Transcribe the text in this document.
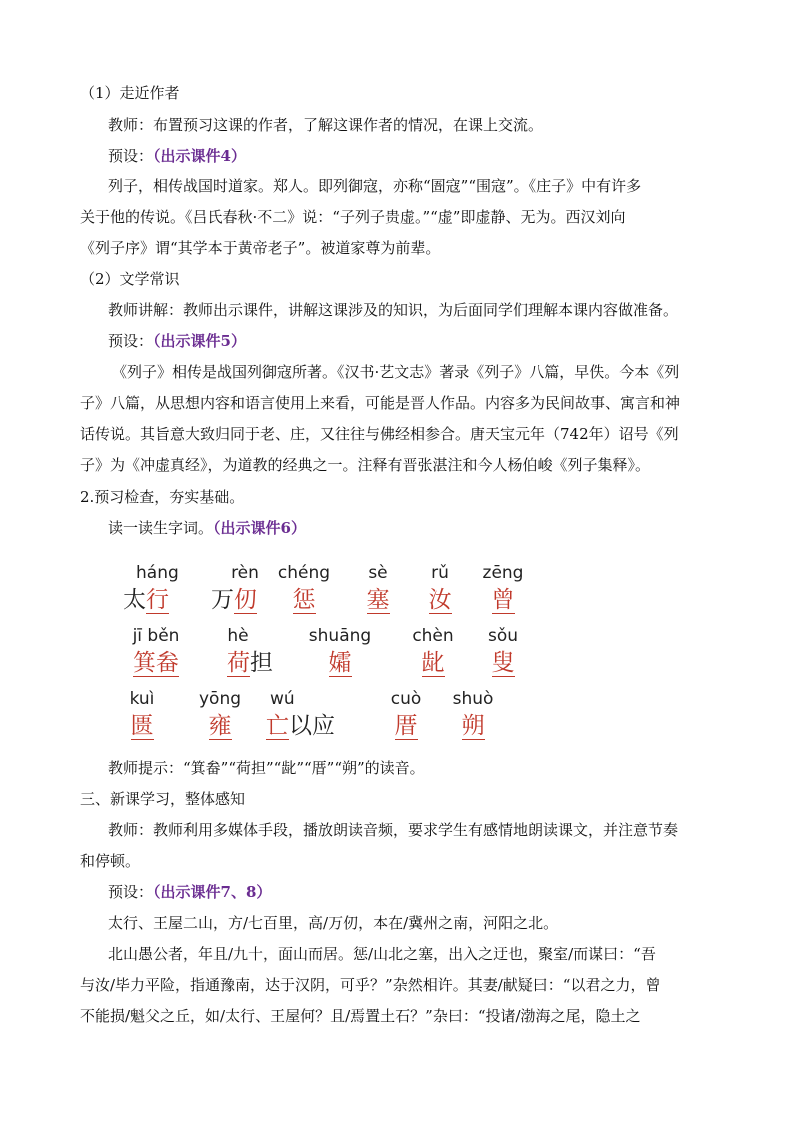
（1）走近作者
教师：布置预习这课的作者，了解这课作者的情况，在课上交流。
预设：（出示课件4）
列子，相传战国时道家。郑人。即列御寇，亦称“圄寇”“围寇”。《庄子》中有许多
关于他的传说。《吕氏春秋·不二》说：“子列子贵虚。”“虚”即虚静、无为。西汉刘向
《列子序》谓“其学本于黄帝老子”。被道家尊为前辈。
（2）文学常识
教师讲解：教师出示课件，讲解这课涉及的知识，为后面同学们理解本课内容做准备。
预设：（出示课件5）
《列子》相传是战国列御寇所著。《汉书·艺文志》著录《列子》八篇，早佚。今本《列
子》八篇，从思想内容和语言使用上来看，可能是晋人作品。内容多为民间故事、寓言和神
话传说。其旨意大致归同于老、庄，又往往与佛经相参合。唐天宝元年（742年）诏号《列
子》为《冲虚真经》，为道教的经典之一。注释有晋张湛注和今人杨伯峻《列子集释》。
2.预习检查，夯实基础。
读一读生字词。（出示课件6）
háng
太行
rèn
万仞
chéng
惩
sè
塞
rǔ
汝
zēng
曾
jī běn
箕畚
hè
荷担
shuāng
孀
chèn
龀
sǒu
叟
kuì
匮
yōng
雍
wú
亡以应
cuò
厝
shuò
朔
教师提示：“箕畚”“荷担”“龀”“厝”“朔”的读音。
三、新课学习，整体感知
教师：教师利用多媒体手段，播放朗读音频，要求学生有感情地朗读课文，并注意节奏
和停顿。
预设：（出示课件7、8）
太行、王屋二山，方/七百里，高/万仞，本在/冀州之南，河阳之北。
北山愚公者，年且/九十，面山而居。惩/山北之塞，出入之迂也，聚室/而谋曰：“吾
与汝/毕力平险，指通豫南，达于汉阴，可乎？”杂然相许。其妻/献疑曰：“以君之力，曾
不能损/魁父之丘，如/太行、王屋何？且/焉置土石？”杂曰：“投诸/渤海之尾，隐土之
